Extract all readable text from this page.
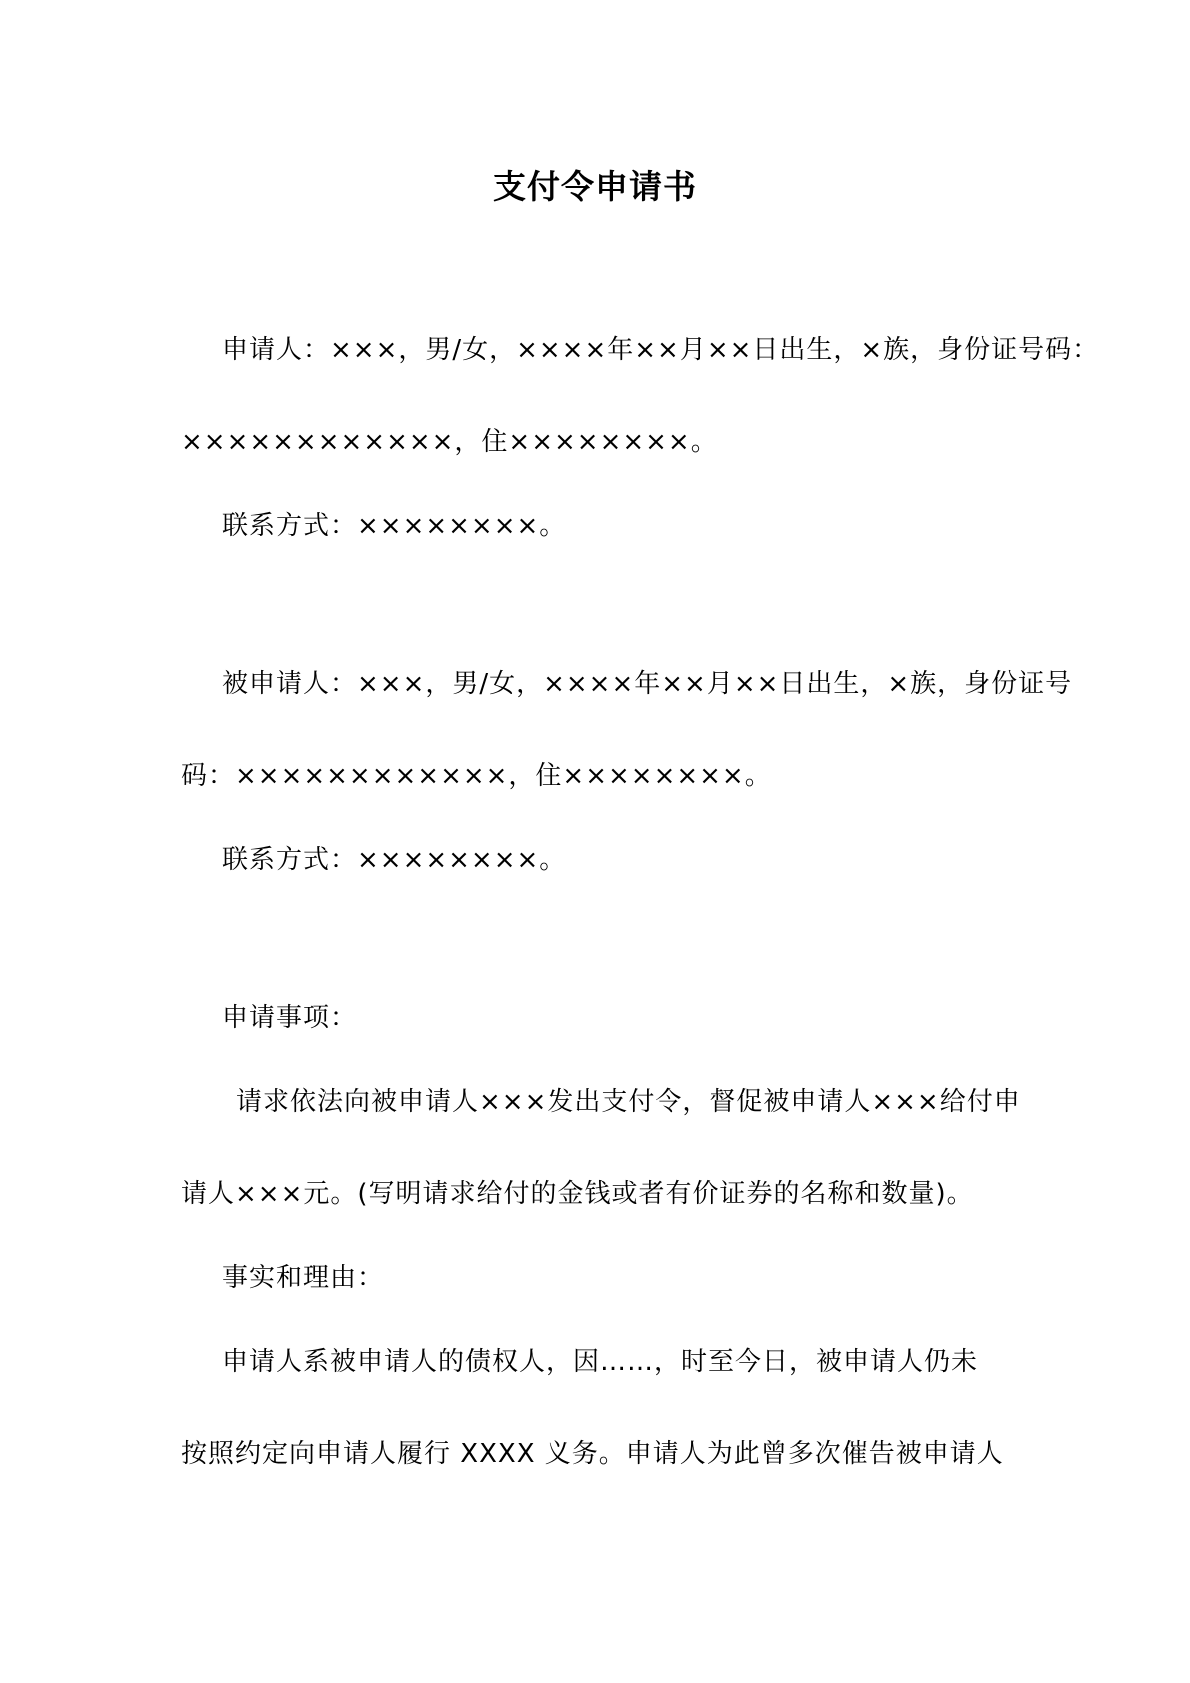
支付令申请书
申请人：×××，男/女，××××年××月××日出生，×族，身份证号码：
××××××××××××，住××××××××。
联系方式：××××××××。
被申请人：×××，男/女，××××年××月××日出生，×族，身份证号
码：××××××××××××，住××××××××。
联系方式：××××××××。
申请事项：
请求依法向被申请人×××发出支付令，督促被申请人×××给付申
请人×××元。(写明请求给付的金钱或者有价证券的名称和数量)。
事实和理由：
申请人系被申请人的债权人，因……，时至今日，被申请人仍未
按照约定向申请人履行 XXXX 义务。申请人为此曾多次催告被申请人
